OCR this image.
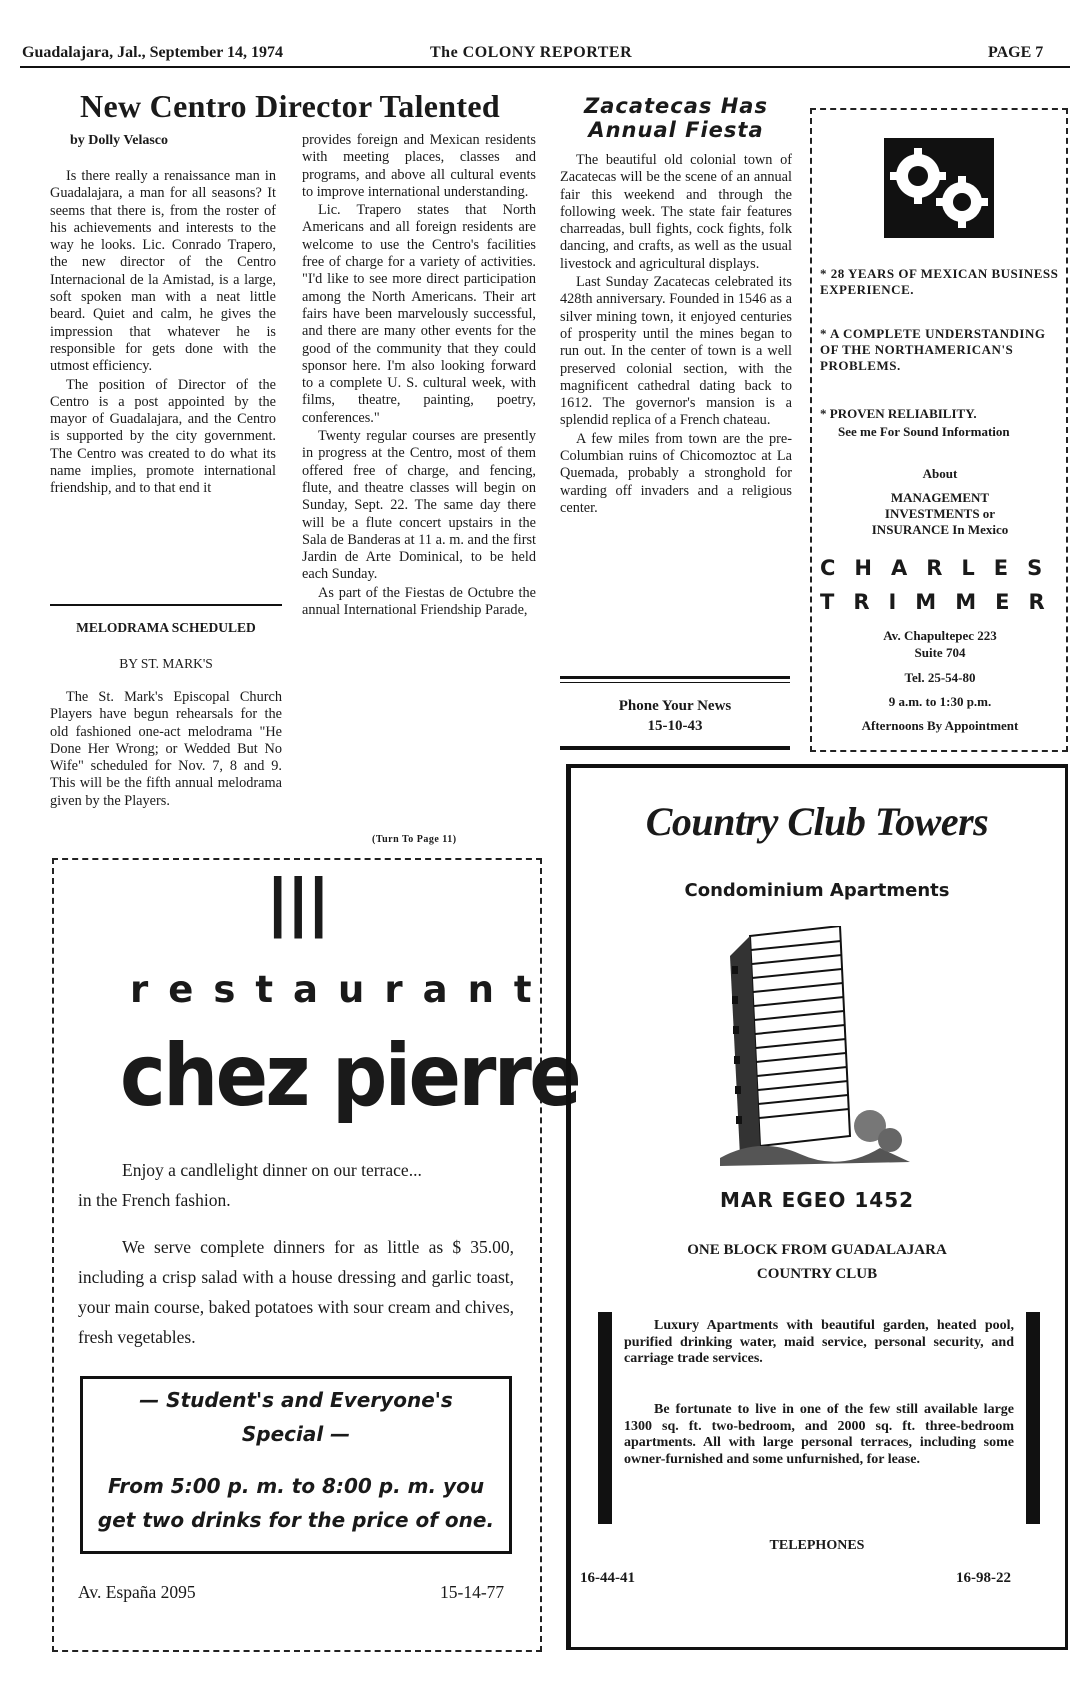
Guadalajara, Jal., September 14, 1974	The COLONY REPORTER	PAGE 7
New Centro Director Talented
by Dolly Velasco

Is there really a renaissance man in Guadalajara, a man for all seasons? It seems that there is, from the roster of his achievements and interests to the way he looks. Lic. Conrado Trapero, the new director of the Centro Internacional de la Amistad, is a large, soft spoken man with a neat little beard. Quiet and calm, he gives the impression that whatever he is responsible for gets done with the utmost efficiency.

The position of Director of the Centro is a post appointed by the mayor of Guadalajara, and the Centro is supported by the city government. The Centro was created to do what its name implies, promote international friendship, and to that end it

provides foreign and Mexican residents with meeting places, classes and programs, and above all cultural events to improve international understanding.

Lic. Trapero states that North Americans and all foreign residents are welcome to use the Centro's facilities free of charge for a variety of activities. "I'd like to see more direct participation among the North Americans. Their art fairs have been marvelously successful, and there are many other events for the good of the community that they could sponsor here. I'm also looking forward to a complete U. S. cultural week, with films, theatre, painting, poetry, conferences."

Twenty regular courses are presently in progress at the Centro, most of them offered free of charge, and fencing, flute, and theatre classes will begin on Sunday, Sept. 22. The same day there will be a flute concert upstairs in the Sala de Banderas at 11 a. m. and the first Jardin de Arte Dominical, to be held each Sunday.

As part of the Fiestas de Octubre the annual International Friendship Parade,

(Turn To Page 11)
MELODRAMA SCHEDULED
BY ST. MARK'S

The St. Mark's Episcopal Church Players have begun rehearsals for the old fashioned one-act melodrama "He Done Her Wrong; or Wedded But No Wife" scheduled for Nov. 7, 8 and 9. This will be the fifth annual melodrama given by the Players.

Zacatecas Has
Annual Fiesta

The beautiful old colonial town of Zacatecas will be the scene of an annual fair this weekend and through the following week. The state fair features charreadas, bull fights, cock fights, folk dancing, and crafts, as well as the usual livestock and agricultural displays.

Last Sunday Zacatecas celebrated its 428th anniversary. Founded in 1546 as a silver mining town, it enjoyed centuries of prosperity until the mines began to run out. In the center of town is a well preserved colonial section, with the magnificent cathedral dating back to 1612. The governor's mansion is a splendid replica of a French chateau.

A few miles from town are the pre-Columbian ruins of Chicomoztoc at La Quemada, probably a stronghold for warding off invaders and a religious center.

Phone Your News
15-10-43
* 28 YEARS OF MEXICAN BUSINESS EXPERIENCE.
* A COMPLETE UNDERSTANDING OF THE NORTHAMERICAN'S PROBLEMS.
* PROVEN RELIABILITY.
See me For Sound Information
About
MANAGEMENT INVESTMENTS or INSURANCE In Mexico
CHARLES
TRIMMER
Av. Chapultepec 223
Suite 704
Tel. 25-54-80
9 a.m. to 1:30 p.m.
Afternoons By Appointment
|||
restaurant
chez pierre
Enjoy a candlelight dinner on our terrace...
in the French fashion.
We serve complete dinners for as little as $ 35.00, including a crisp salad with a house dressing and garlic toast, your main course, baked potatoes with sour cream and chives, fresh vegetables.
— Student's and Everyone's
Special —
From 5:00 p. m. to 8:00 p. m. you
get two drinks for the price of one.
Av. España 2095	15-14-77
Country Club Towers
Condominium Apartments
MAR EGEO 1452
ONE BLOCK FROM GUADALAJARA
COUNTRY CLUB
Luxury Apartments with beautiful garden, heated pool, purified drinking water, maid service, personal security, and carriage trade services.
Be fortunate to live in one of the few still available large 1300 sq. ft. two-bedroom, and 2000 sq. ft. three-bedroom apartments. All with large personal terraces, including some owner-furnished and some unfurnished, for lease.
TELEPHONES
16-44-41	16-98-22
